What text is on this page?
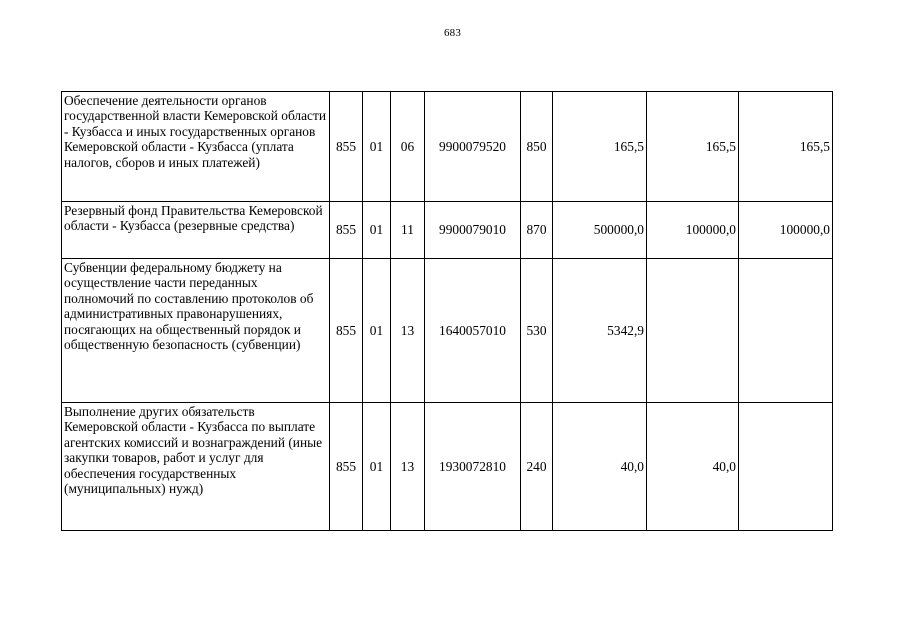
683
Обеспечение деятельности органов государственной власти Кемеровской области - Кузбасса и иных государственных органов Кемеровской области - Кузбасса (уплата налогов, сборов и иных платежей)	855	01	06	9900079520	850	165,5	165,5	165,5
Резервный фонд Правительства Кемеровской области - Кузбасса (резервные средства)	855	01	11	9900079010	870	500000,0	100000,0	100000,0
Субвенции федеральному бюджету на осуществление части переданных полномочий по составлению протоколов об административных правонарушениях, посягающих на общественный порядок и общественную безопасность (субвенции)	855	01	13	1640057010	530	5342,9		
Выполнение других обязательств Кемеровской области - Кузбасса по выплате агентских комиссий и вознаграждений (иные закупки товаров, работ и услуг для обеспечения государственных (муниципальных) нужд)	855	01	13	1930072810	240	40,0	40,0	
